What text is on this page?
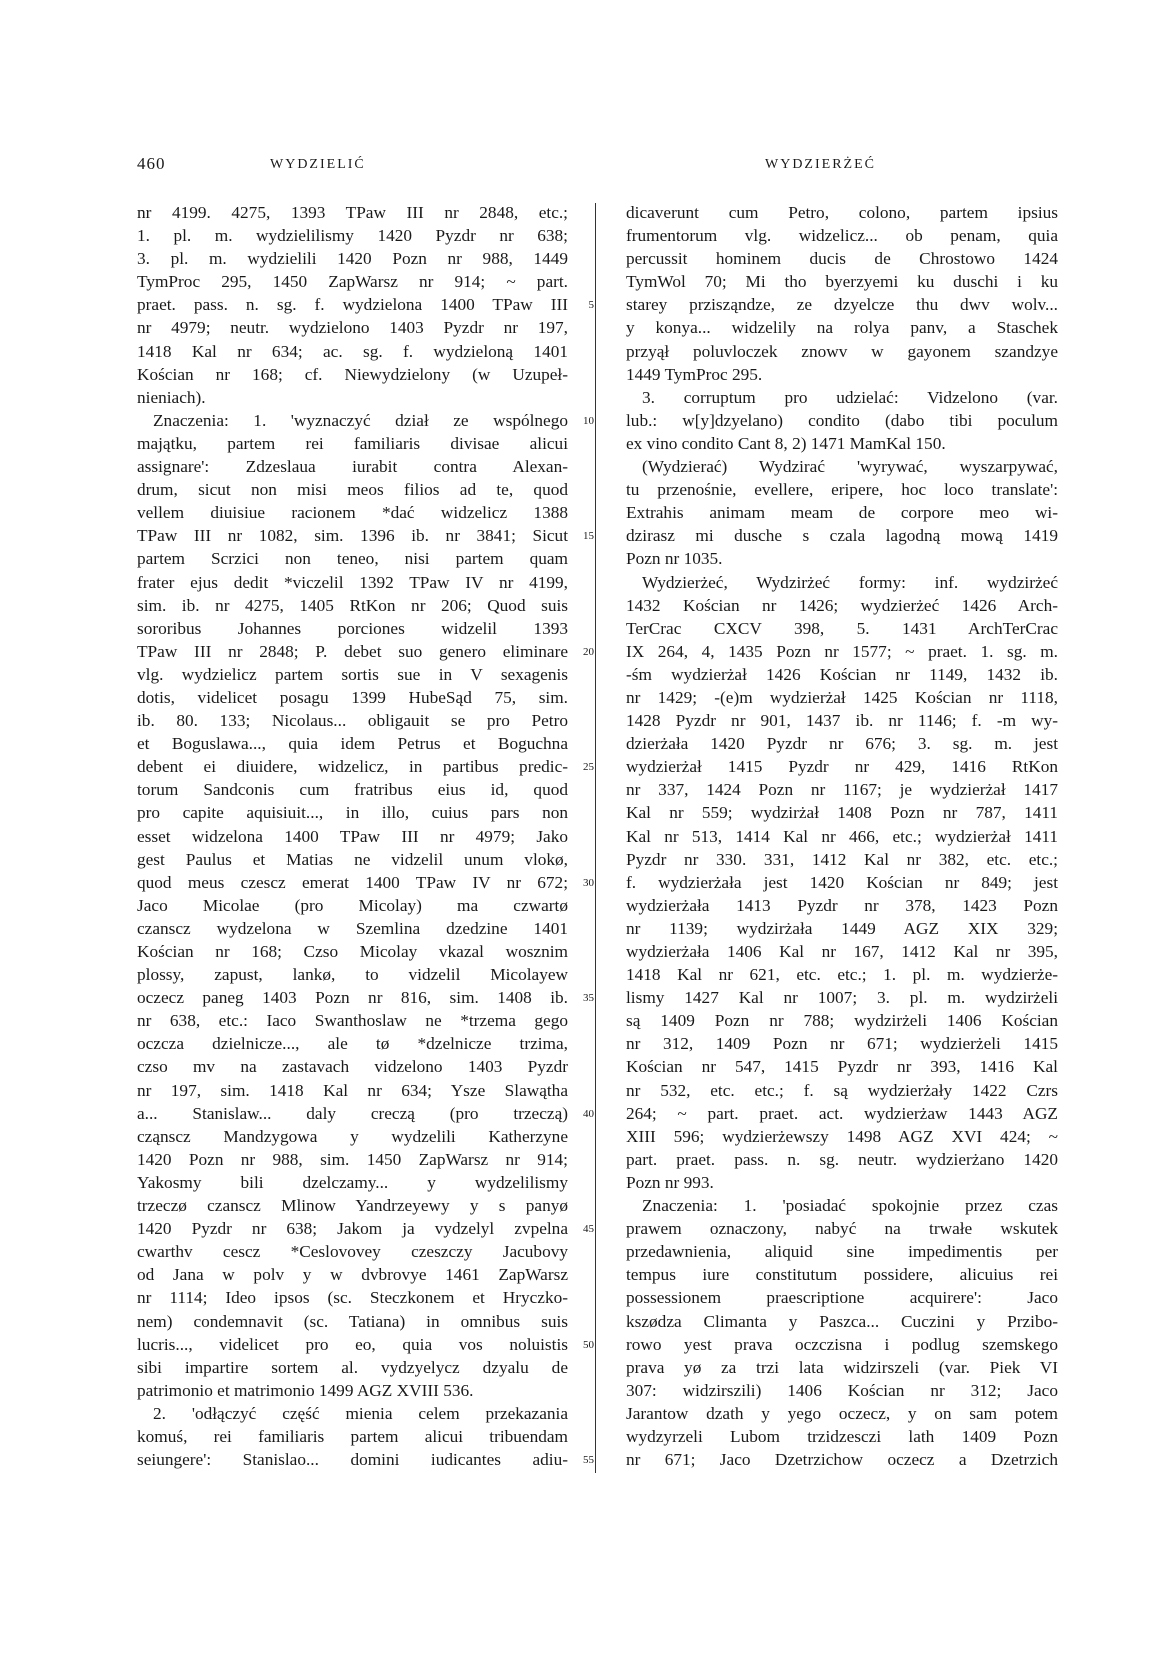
460	WYDZIELIĆ	WYDZIERŻEĆ
nr 4199. 4275, 1393 TPaw III nr 2848, etc.;
1. pl. m. wydzielilismy 1420 Pyzdr nr 638;
3. pl. m. wydzielili 1420 Pozn nr 988, 1449
TymProc 295, 1450 ZapWarsz nr 914; ~ part.
praet. pass. n. sg. f. wydzielona 1400 TPaw III
nr 4979; neutr. wydzielono 1403 Pyzdr nr 197,
1418 Kal nr 634; ac. sg. f. wydzieloną 1401
Kościan nr 168; cf. Niewydzielony (w Uzupeł-
nieniach).
Znaczenia: 1. 'wyznaczyć dział ze wspólnego
majątku, partem rei familiaris divisae alicui
assignare': Zdzeslaua iurabit contra Alexan-
drum, sicut non misi meos filios ad te, quod
vellem diuisiue racionem *dać widzelicz 1388
TPaw III nr 1082, sim. 1396 ib. nr 3841; Sicut
partem Scrzici non teneo, nisi partem quam
frater ejus dedit *viczelil 1392 TPaw IV nr 4199,
sim. ib. nr 4275, 1405 RtKon nr 206; Quod suis
sororibus Johannes porciones widzelil 1393
TPaw III nr 2848; P. debet suo genero eliminare
vlg. wydzielicz partem sortis sue in V sexagenis
dotis, videlicet posagu 1399 HubeSąd 75, sim.
ib. 80. 133; Nicolaus... obligauit se pro Petro
et Boguslawa..., quia idem Petrus et Boguchna
debent ei diuidere, widzelicz, in partibus predic-
torum Sandconis cum fratribus eius id, quod
pro capite aquisiuit..., in illo, cuius pars non
esset widzelona 1400 TPaw III nr 4979; Jako
gest Paulus et Matias ne vidzelil unum vlokø,
quod meus czescz emerat 1400 TPaw IV nr 672;
Jaco Micolae (pro Micolay) ma czwartø
czanscz wydzelona w Szemlina dzedzine 1401
Kościan nr 168; Czso Micolay vkazal wosznim
plossy, zapust, lankø, to vidzelil Micolayew
oczecz paneg 1403 Pozn nr 816, sim. 1408 ib.
nr 638, etc.: Iaco Swanthoslaw ne *trzema gego
oczcza dzielnicze..., ale tø *dzelnicze trzima,
czso mv na zastavach vidzelono 1403 Pyzdr
nr 197, sim. 1418 Kal nr 634; Ysze Slawątha
a... Stanislaw... daly creczą (pro trzeczą)
cząnscz Mandzygowa y wydzelili Katherzyne
1420 Pozn nr 988, sim. 1450 ZapWarsz nr 914;
Yakosmy bili dzelczamy... y wydzelilismy
trzeczø czanscz Mlinow Yandrzeyewy y s panyø
1420 Pyzdr nr 638; Jakom ja vydzelyl zvpelna
cwarthv cescz *Ceslovovey czeszczy Jacubovy
od Jana w polv y w dvbrovye 1461 ZapWarsz
nr 1114; Ideo ipsos (sc. Steczkonem et Hryczko-
nem) condemnavit (sc. Tatiana) in omnibus suis
lucris..., videlicet pro eo, quia vos noluistis
sibi impartire sortem al. vydzyelycz dzyalu de
patrimonio et matrimonio 1499 AGZ XVIII 536.
2. 'odłączyć część mienia celem przekazania
komuś, rei familiaris partem alicui tribuendam
seiungere': Stanislao... domini iudicantes adiu-
5
10
15
20
25
30
35
40
45
50
55
dicaverunt cum Petro, colono, partem ipsius
frumentorum vlg. widzelicz... ob penam, quia
percussit hominem ducis de Chrostowo 1424
TymWol 70; Mi tho byerzyemi ku duschi i ku
starey przisząndze, ze dzyelcze thu dwv wolv...
y konya... widzelily na rolya panv, a Staschek
przyął poluvloczek znowv w gayonem szandzye
1449 TymProc 295.
3. corruptum pro udzielać: Vidzelono (var.
lub.: w[y]dzyelano) condito (dabo tibi poculum
ex vino condito Cant 8, 2) 1471 MamKal 150.
(Wydzierać) Wydzirać 'wyrywać, wyszarpywać,
tu przenośnie, evellere, eripere, hoc loco translate':
Extrahis animam meam de corpore meo wi-
dzirasz mi dusche s czala lagodną mową 1419
Pozn nr 1035.
Wydzierżeć, Wydzirżeć formy: inf. wydzirżeć
1432 Kościan nr 1426; wydzierżeć 1426 Arch-
TerCrac CXCV 398, 5. 1431 ArchTerCrac
IX 264, 4, 1435 Pozn nr 1577; ~ praet. 1. sg. m.
-śm wydzierżał 1426 Kościan nr 1149, 1432 ib.
nr 1429; -(e)m wydzierżał 1425 Kościan nr 1118,
1428 Pyzdr nr 901, 1437 ib. nr 1146; f. -m wy-
dzierżała 1420 Pyzdr nr 676; 3. sg. m. jest
wydzierżał 1415 Pyzdr nr 429, 1416 RtKon
nr 337, 1424 Pozn nr 1167; je wydzierżał 1417
Kal nr 559; wydzirżał 1408 Pozn nr 787, 1411
Kal nr 513, 1414 Kal nr 466, etc.; wydzierżał 1411
Pyzdr nr 330. 331, 1412 Kal nr 382, etc. etc.;
f. wydzierżała jest 1420 Kościan nr 849; jest
wydzierżała 1413 Pyzdr nr 378, 1423 Pozn
nr 1139; wydzirżała 1449 AGZ XIX 329;
wydzierżała 1406 Kal nr 167, 1412 Kal nr 395,
1418 Kal nr 621, etc. etc.; 1. pl. m. wydzierże-
lismy 1427 Kal nr 1007; 3. pl. m. wydzirżeli
są 1409 Pozn nr 788; wydzirżeli 1406 Kościan
nr 312, 1409 Pozn nr 671; wydzierżeli 1415
Kościan nr 547, 1415 Pyzdr nr 393, 1416 Kal
nr 532, etc. etc.; f. są wydzierżały 1422 Czrs
264; ~ part. praet. act. wydzierżaw 1443 AGZ
XIII 596; wydzierżewszy 1498 AGZ XVI 424; ~
part. praet. pass. n. sg. neutr. wydzierżano 1420
Pozn nr 993.
Znaczenia: 1. 'posiadać spokojnie przez czas
prawem oznaczony, nabyć na trwałe wskutek
przedawnienia, aliquid sine impedimentis per
tempus iure constitutum possidere, alicuius rei
possessionem praescriptione acquirere': Jaco
kszødza Climanta y Paszca... Cuczini y Przibo-
rowo yest prava oczczisna i podlug szemskego
prava yø za trzi lata widzirszeli (var. Piek VI
307: widzirszili) 1406 Kościan nr 312; Jaco
Jarantow dzath y yego oczecz, y on sam potem
wydzyrzeli Lubom trzidzesczi lath 1409 Pozn
nr 671; Jaco Dzetrzichow oczecz a Dzetrzich
